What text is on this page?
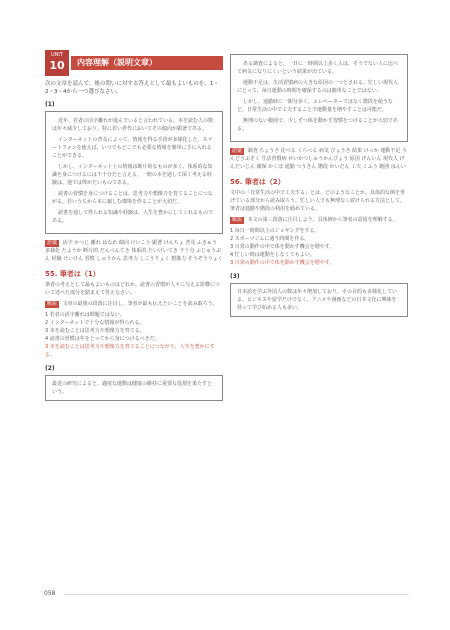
UNIT
10	内容理解（説明文章）
次の文章を読んで、後の問いに対する答えとして最もよいものを、1・2・3・4から一つ選びなさい。
(1)

近年、若者の活字離れが進んでいると言われている。本を読む人の数は年々減少しており、特に若い世代においてその傾向が顕著である。

インターネットの普及によって、情報を得る手段が多様化した。スマートフォンを使えば、いつでもどこでも必要な情報を簡単に手に入れることができる。

しかし、インターネット上の情報は断片的なものが多く、体系的な知識を身につけるには不十分だと言える。一冊の本を通して深く考える経験は、他では得がたいものである。

読書の習慣を身につけることは、思考力や想像力を育てることにつながる。若いうちから本に親しむ環境を作ることが大切だ。

読書を通して得られる知識や経験は、人生を豊かにしてくれるものである。

語彙 活字 かつじ 離れ はなれ 傾向 けいこう 顕著 けんちょ 普及 ふきゅう 多様化 たようか 断片的 だんぺんてき 体系的 たいけいてき 不十分 ふじゅうぶん 経験 けいけん 習慣 しゅうかん 思考力 しこうりょく 想像力 そうぞうりょく
55. 筆者は（1）
筆者の考えとして最もよいものはどれか。読書の習慣が人々に与える影響について述べた部分を踏まえて答えなさい。
解説 文章の最後の段落に注目し、筆者が最も伝えたいことを読み取ろう。
1 若者の活字離れは問題ではない。
2 インターネットで十分な情報が得られる。
3 本を読むことは思考力や想像力を育てる。
4 読書の習慣は年をとってから身につけるべきだ。
3 本を読むことは思考力や想像力を育てることにつながり、人生を豊かにする。
(2)
最近の研究によると、適度な運動は健康の維持に重要な役割を果たすという。

ある調査によると、一日に一時間以上歩く人は、そうでない人に比べて病気になりにくいという結果が出ている。

運動不足は、生活習慣病の大きな原因の一つとされる。忙しい現代人にとって、毎日運動の時間を確保するのは簡単なことではない。

しかし、通勤時に一駅分歩く、エレベーターではなく階段を使うなど、日常生活の中で工夫することで運動量を増やすことは可能だ。

無理のない範囲で、少しずつ体を動かす習慣をつけることが大切である。

語彙 調査 ちょうさ 比べる くらべる 病気 びょうき 結果 けっか 運動不足 うんどうぶそく 生活習慣病 せいかつしゅうかんびょう 原因 げんいん 現代人 げんだいじん 確保 かくほ 通勤 つうきん 階段 かいだん 工夫 くふう 範囲 はんい
56. 筆者は（2）
文中の「日常生活の中で工夫する」とは、どのようなことか。具体的な例を挙げている部分から読み取ろう。忙しい人でも無理なく続けられる方法として、筆者は通勤や階段の利用を勧めている。
解説 本文の第三段落に注目しよう。具体例から筆者の意図を理解する。
1 毎日一時間以上のジョギングをする。
2 スポーツジムに通う時間を作る。
3 日常の動作の中で体を動かす機会を増やす。
4 忙しい時は運動をしなくてもよい。
3 日常の動作の中で体を動かす機会を増やす。
(3)
日本語を学ぶ外国人の数は年々増加しており、その目的も多様化している。ビジネスや留学だけでなく、アニメや漫画などの日本文化に興味を持って学び始める人も多い。
058
